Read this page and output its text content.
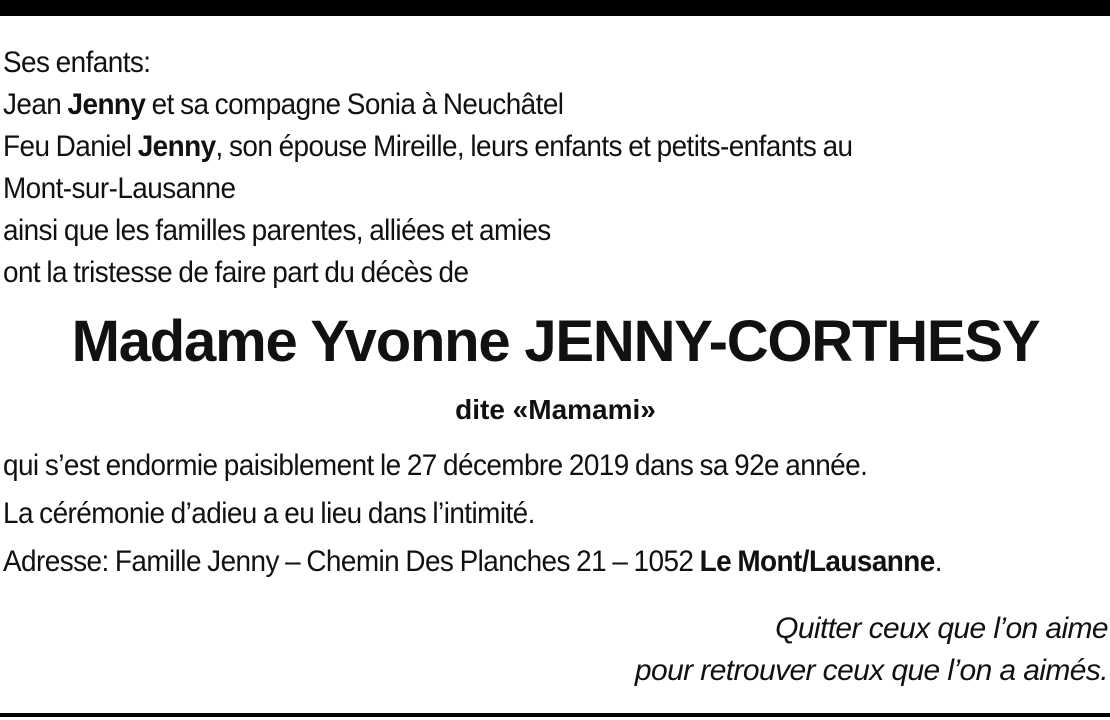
Ses enfants:
Jean Jenny et sa compagne Sonia à Neuchâtel
Feu Daniel Jenny, son épouse Mireille, leurs enfants et petits-enfants au
Mont-sur-Lausanne
ainsi que les familles parentes, alliées et amies
ont la tristesse de faire part du décès de
Madame Yvonne JENNY-CORTHESY
dite «Mamami»
qui s’est endormie paisiblement le 27 décembre 2019 dans sa 92e année.
La cérémonie d’adieu a eu lieu dans l’intimité.
Adresse: Famille Jenny – Chemin Des Planches 21 – 1052 Le Mont/Lausanne.
Quitter ceux que l’on aime
pour retrouver ceux que l’on a aimés.
